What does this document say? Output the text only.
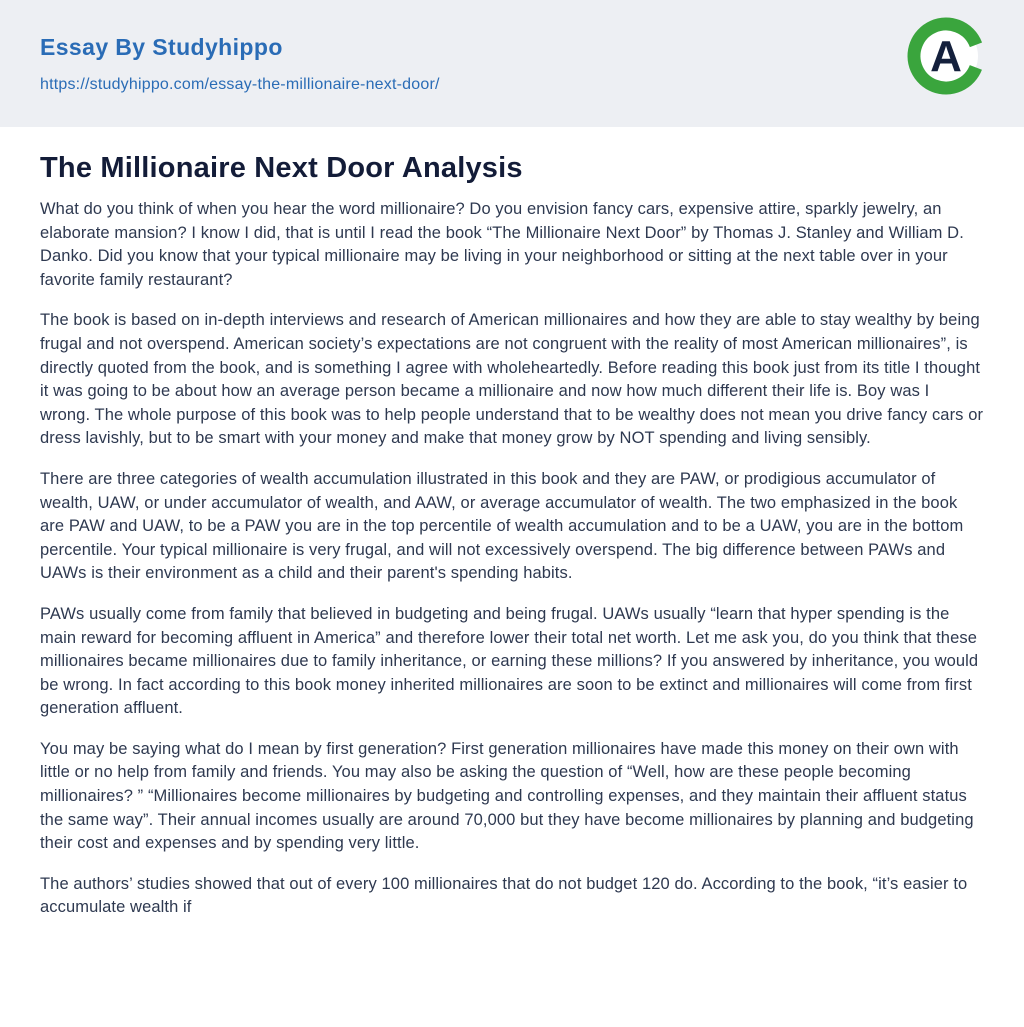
Essay By Studyhippo
https://studyhippo.com/essay-the-millionaire-next-door/
A
The Millionaire Next Door Analysis

What do you think of when you hear the word millionaire? Do you envision fancy cars, expensive attire, sparkly jewelry, an elaborate mansion? I know I did, that is until I read the book “The Millionaire Next Door” by Thomas J. Stanley and William D. Danko. Did you know that your typical millionaire may be living in your neighborhood or sitting at the next table over in your favorite family restaurant?

The book is based on in-depth interviews and research of American millionaires and how they are able to stay wealthy by being frugal and not overspend. American society’s expectations are not congruent with the reality of most American millionaires”, is directly quoted from the book, and is something I agree with wholeheartedly. Before reading this book just from its title I thought it was going to be about how an average person became a millionaire and now how much different their life is. Boy was I wrong. The whole purpose of this book was to help people understand that to be wealthy does not mean you drive fancy cars or dress lavishly, but to be smart with your money and make that money grow by NOT spending and living sensibly.

There are three categories of wealth accumulation illustrated in this book and they are PAW, or prodigious accumulator of wealth, UAW, or under accumulator of wealth, and AAW, or average accumulator of wealth. The two emphasized in the book are PAW and UAW, to be a PAW you are in the top percentile of wealth accumulation and to be a UAW, you are in the bottom percentile. Your typical millionaire is very frugal, and will not excessively overspend. The big difference between PAWs and UAWs is their environment as a child and their parent's spending habits.

PAWs usually come from family that believed in budgeting and being frugal. UAWs usually “learn that hyper spending is the main reward for becoming affluent in America” and therefore lower their total net worth. Let me ask you, do you think that these millionaires became millionaires due to family inheritance, or earning these millions? If you answered by inheritance, you would be wrong. In fact according to this book money inherited millionaires are soon to be extinct and millionaires will come from first generation affluent.

You may be saying what do I mean by first generation? First generation millionaires have made this money on their own with little or no help from family and friends. You may also be asking the question of “Well, how are these people becoming millionaires? ” “Millionaires become millionaires by budgeting and controlling expenses, and they maintain their affluent status the same way”. Their annual incomes usually are around 70,000 but they have become millionaires by planning and budgeting their cost and expenses and by spending very little.

The authors’ studies showed that out of every 100 millionaires that do not budget 120 do. According to the book, “it’s easier to accumulate wealth if
